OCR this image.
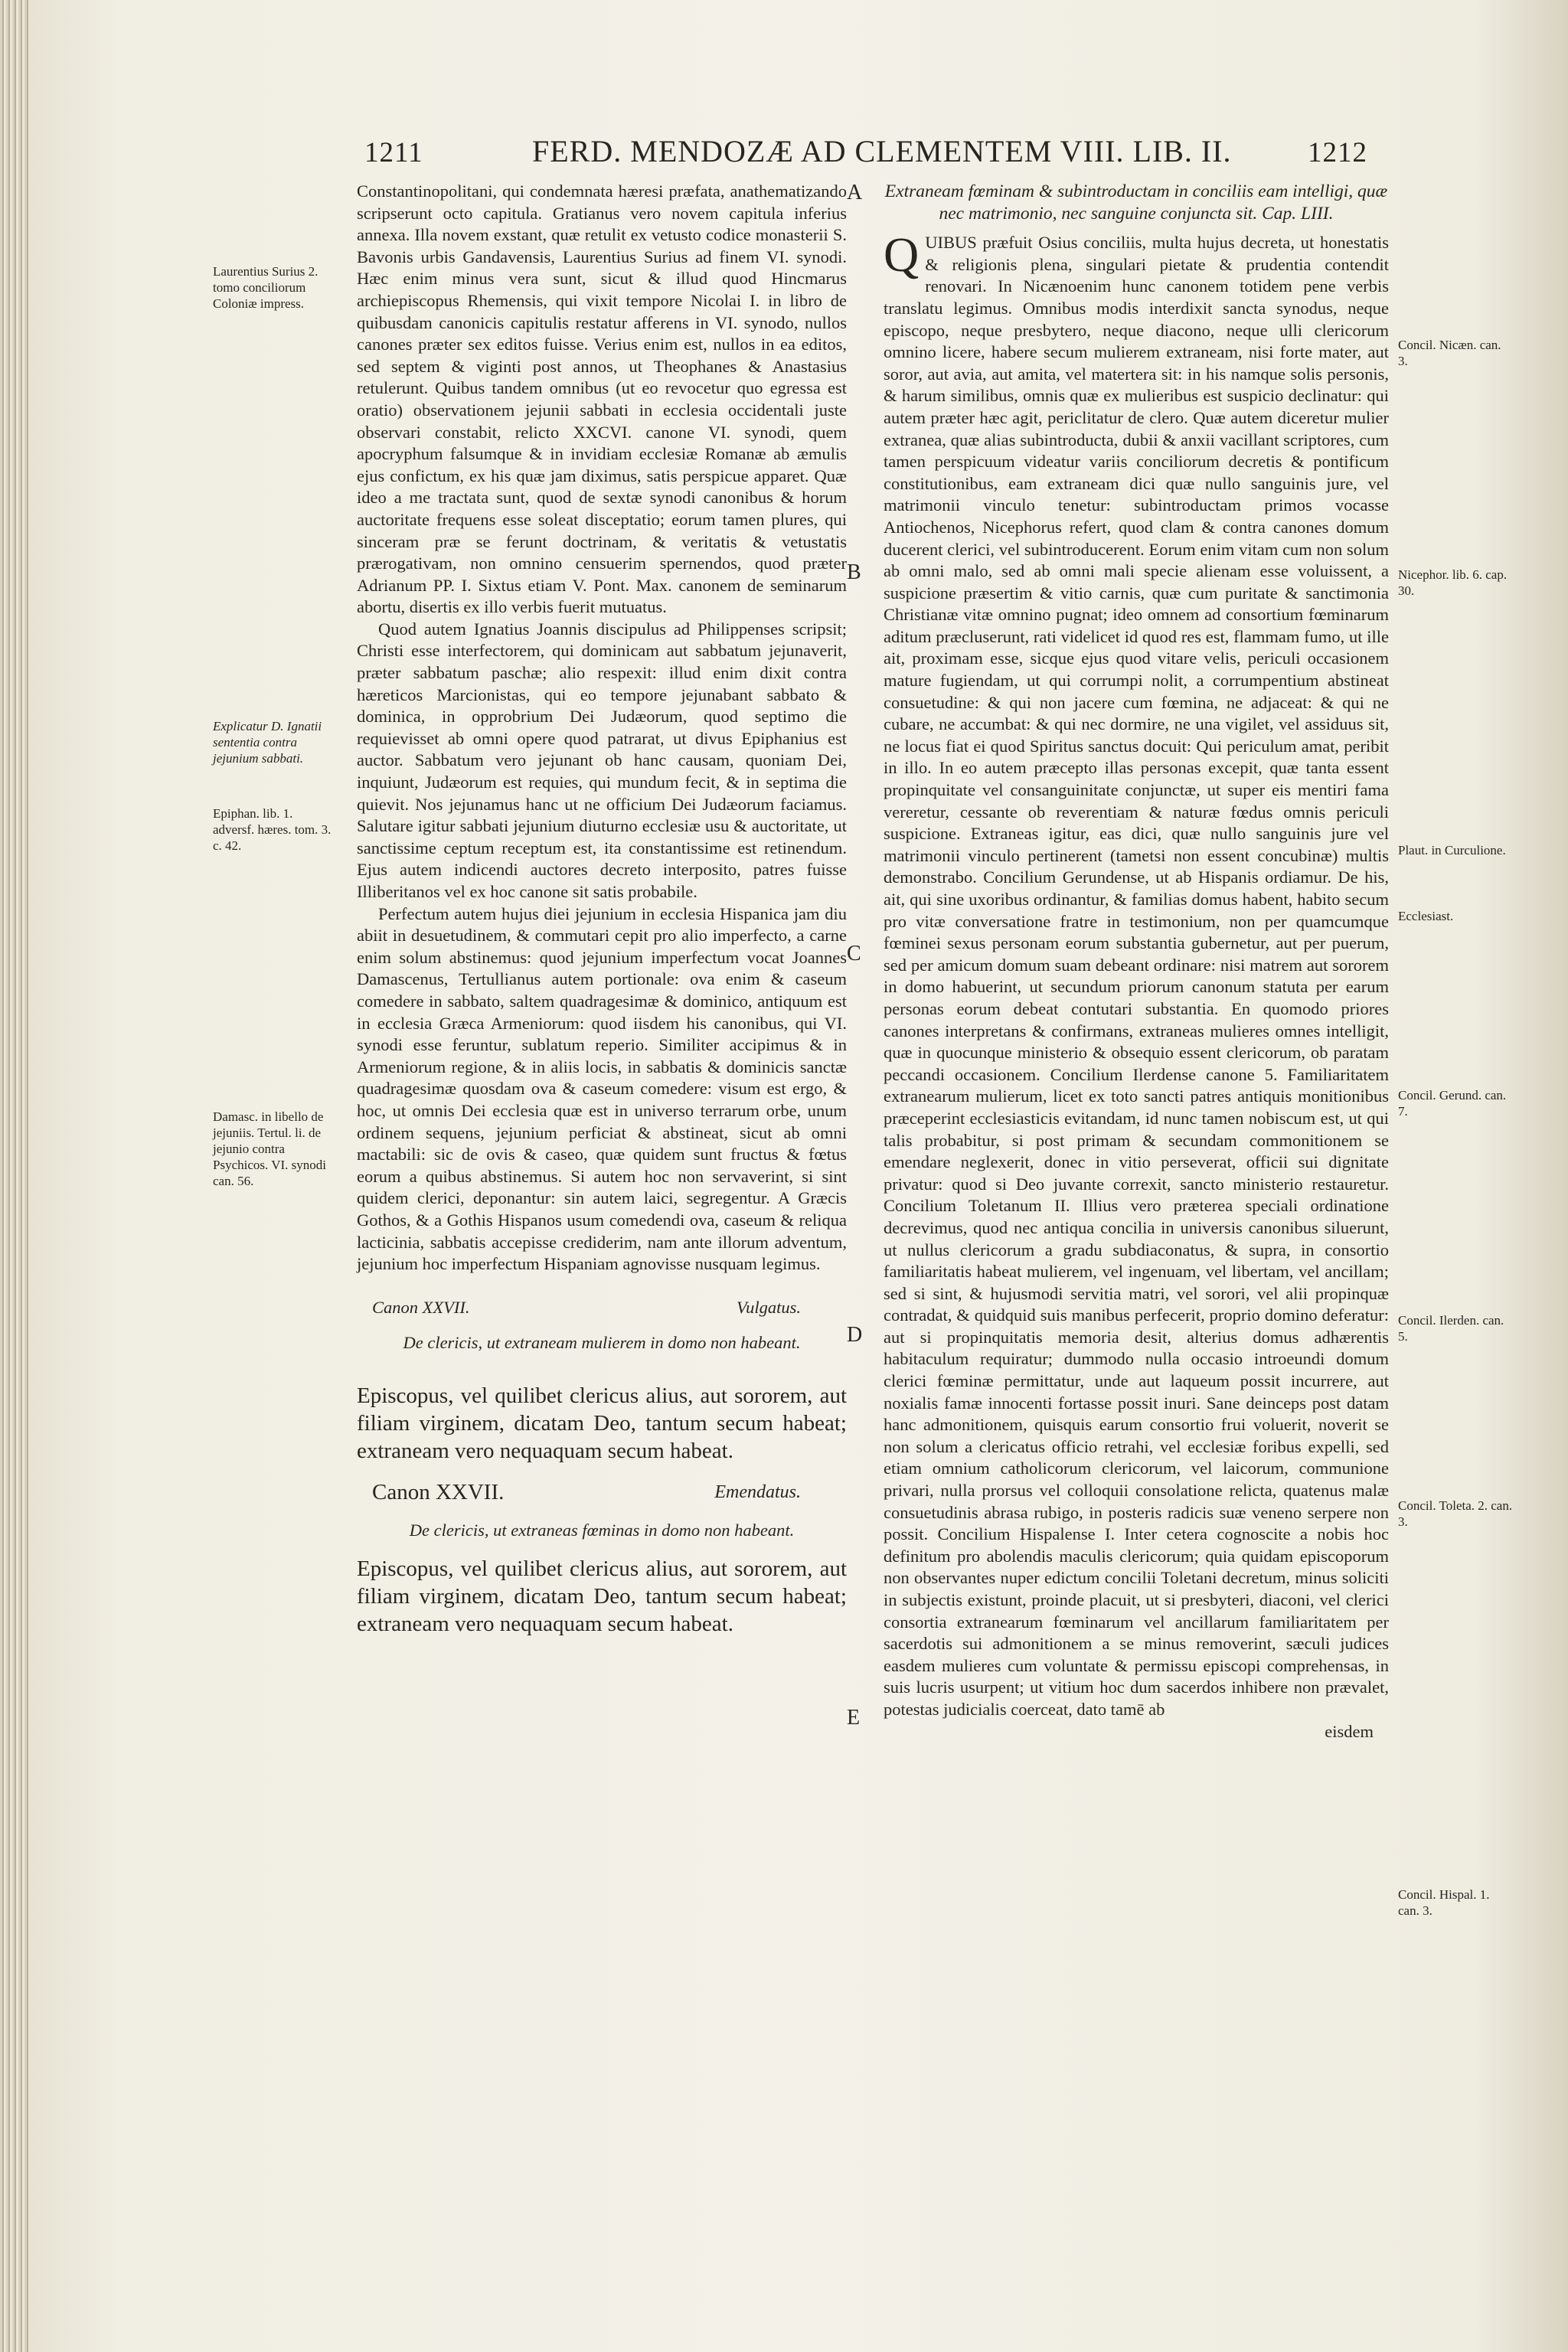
1211	FERD. MENDOZÆ AD CLEMENTEM VIII. LIB. II.	1212
Laurentius Surius 2. tomo conciliorum Coloniæ impress.
Explicatur D. Ignatii sententia contra jejunium sabbati.
Epiphan. lib. 1. adversf. hæres. tom. 3. c. 42.
Damasc. in libello de jejuniis. Tertul. li. de jejunio contra Psychicos. VI. synodi can. 56.
A
B
C
D
E

Constantinopolitani, qui condemnata hæresi præfata, anathematizando scripserunt octo capitula. Gratianus vero novem capitula inferius annexa. Illa novem exstant, quæ retulit ex vetusto codice monasterii S. Bavonis urbis Gandavensis, Laurentius Surius ad finem VI. synodi. Hæc enim minus vera sunt, sicut & illud quod Hincmarus archiepiscopus Rhemensis, qui vixit tempore Nicolai I. in libro de quibusdam canonicis capitulis restatur afferens in VI. synodo, nullos canones præter sex editos fuisse. Verius enim est, nullos in ea editos, sed septem & viginti post annos, ut Theophanes & Anastasius retulerunt. Quibus tandem omnibus (ut eo revocetur quo egressa est oratio) observationem jejunii sabbati in ecclesia occidentali juste observari constabit, relicto XXCVI. canone VI. synodi, quem apocryphum falsumque & in invidiam ecclesiæ Romanæ ab æmulis ejus confictum, ex his quæ jam diximus, satis perspicue apparet. Quæ ideo a me tractata sunt, quod de sextæ synodi canonibus & horum auctoritate frequens esse soleat disceptatio; eorum tamen plures, qui sinceram præ se ferunt doctrinam, & veritatis & vetustatis prærogativam, non omnino censuerim spernendos, quod præter Adrianum PP. I. Sixtus etiam V. Pont. Max. canonem de seminarum abortu, disertis ex illo verbis fuerit mutuatus.

Quod autem Ignatius Joannis discipulus ad Philippenses scripsit; Christi esse interfectorem, qui dominicam aut sabbatum jejunaverit, præter sabbatum paschæ; alio respexit: illud enim dixit contra hæreticos Marcionistas, qui eo tempore jejunabant sabbato & dominica, in opprobrium Dei Judæorum, quod septimo die requievisset ab omni opere quod patrarat, ut divus Epiphanius est auctor. Sabbatum vero jejunant ob hanc causam, quoniam Dei, inquiunt, Judæorum est requies, qui mundum fecit, & in septima die quievit. Nos jejunamus hanc ut ne officium Dei Judæorum faciamus. Salutare igitur sabbati jejunium diuturno ecclesiæ usu & auctoritate, ut sanctissime ceptum receptum est, ita constantissime est retinendum. Ejus autem indicendi auctores decreto interposito, patres fuisse Illiberitanos vel ex hoc canone sit satis probabile.

Perfectum autem hujus diei jejunium in ecclesia Hispanica jam diu abiit in desuetudinem, & commutari cepit pro alio imperfecto, a carne enim solum abstinemus: quod jejunium imperfectum vocat Joannes Damascenus, Tertullianus autem portionale: ova enim & caseum comedere in sabbato, saltem quadragesimæ & dominico, antiquum est in ecclesia Græca Armeniorum: quod iisdem his canonibus, qui VI. synodi esse feruntur, sublatum reperio. Similiter accipimus & in Armeniorum regione, & in aliis locis, in sabbatis & dominicis sanctæ quadragesimæ quosdam ova & caseum comedere: visum est ergo, & hoc, ut omnis Dei ecclesia quæ est in universo terrarum orbe, unum ordinem sequens, jejunium perficiat & abstineat, sicut ab omni mactabili: sic de ovis & caseo, quæ quidem sunt fructus & fœtus eorum a quibus abstinemus. Si autem hoc non servaverint, si sint quidem clerici, deponantur: sin autem laici, segregentur. A Græcis Gothos, & a Gothis Hispanos usum comedendi ova, caseum & reliqua lacticinia, sabbatis accepisse crediderim, nam ante illorum adventum, jejunium hoc imperfectum Hispaniam agnovisse nusquam legimus.

Canon XXVII.	Vulgatus.

De clericis, ut extraneam mulierem in domo non habeant.

Episcopus, vel quilibet clericus alius, aut sororem, aut filiam virginem, dicatam Deo, tantum secum habeat; extraneam vero nequaquam secum habeat.

Canon XXVII.	Emendatus.

De clericis, ut extraneas fœminas in domo non habeant.

Episcopus, vel quilibet clericus alius, aut sororem, aut filiam virginem, dicatam Deo, tantum secum habeat; extraneam vero nequaquam secum habeat.

Extraneam fœminam & subintroductam in conciliis eam intelligi, quæ nec matrimonio, nec sanguine conjuncta sit. Cap. LIII.

QUIBUS præfuit Osius conciliis, multa hujus decreta, ut honestatis & religionis plena, singulari pietate & prudentia contendit renovari. In Nicænoenim hunc canonem totidem pene verbis translatu legimus. Omnibus modis interdixit sancta synodus, neque episcopo, neque presbytero, neque diacono, neque ulli clericorum omnino licere, habere secum mulierem extraneam, nisi forte mater, aut soror, aut avia, aut amita, vel matertera sit: in his namque solis personis, & harum similibus, omnis quæ ex mulieribus est suspicio declinatur: qui autem præter hæc agit, periclitatur de clero. Quæ autem diceretur mulier extranea, quæ alias subintroducta, dubii & anxii vacillant scriptores, cum tamen perspicuum videatur variis conciliorum decretis & pontificum constitutionibus, eam extraneam dici quæ nullo sanguinis jure, vel matrimonii vinculo tenetur: subintroductam primos vocasse Antiochenos, Nicephorus refert, quod clam & contra canones domum ducerent clerici, vel subintroducerent. Eorum enim vitam cum non solum ab omni malo, sed ab omni mali specie alienam esse voluissent, a suspicione præsertim & vitio carnis, quæ cum puritate & sanctimonia Christianæ vitæ omnino pugnat; ideo omnem ad consortium fœminarum aditum præcluserunt, rati videlicet id quod res est, flammam fumo, ut ille ait, proximam esse, sicque ejus quod vitare velis, periculi occasionem mature fugiendam, ut qui corrumpi nolit, a corrumpentium abstineat consuetudine: & qui non jacere cum fœmina, ne adjaceat: & qui ne cubare, ne accumbat: & qui nec dormire, ne una vigilet, vel assiduus sit, ne locus fiat ei quod Spiritus sanctus docuit: Qui periculum amat, peribit in illo. In eo autem præcepto illas personas excepit, quæ tanta essent propinquitate vel consanguinitate conjunctæ, ut super eis mentiri fama vereretur, cessante ob reverentiam & naturæ fœdus omnis periculi suspicione. Extraneas igitur, eas dici, quæ nullo sanguinis jure vel matrimonii vinculo pertinerent (tametsi non essent concubinæ) multis demonstrabo. Concilium Gerundense, ut ab Hispanis ordiamur. De his, ait, qui sine uxoribus ordinantur, & familias domus habent, habito secum pro vitæ conversatione fratre in testimonium, non per quamcumque fœminei sexus personam eorum substantia gubernetur, aut per puerum, sed per amicum domum suam debeant ordinare: nisi matrem aut sororem in domo habuerint, ut secundum priorum canonum statuta per earum personas eorum debeat contutari substantia. En quomodo priores canones interpretans & confirmans, extraneas mulieres omnes intelligit, quæ in quocunque ministerio & obsequio essent clericorum, ob paratam peccandi occasionem. Concilium Ilerdense canone 5. Familiaritatem extranearum mulierum, licet ex toto sancti patres antiquis monitionibus præceperint ecclesiasticis evitandam, id nunc tamen nobiscum est, ut qui talis probabitur, si post primam & secundam commonitionem se emendare neglexerit, donec in vitio perseverat, officii sui dignitate privatur: quod si Deo juvante correxit, sancto ministerio restauretur. Concilium Toletanum II. Illius vero præterea speciali ordinatione decrevimus, quod nec antiqua concilia in universis canonibus siluerunt, ut nullus clericorum a gradu subdiaconatus, & supra, in consortio familiaritatis habeat mulierem, vel ingenuam, vel libertam, vel ancillam; sed si sint, & hujusmodi servitia matri, vel sorori, vel alii propinquæ contradat, & quidquid suis manibus perfecerit, proprio domino deferatur: aut si propinquitatis memoria desit, alterius domus adhærentis habitaculum requiratur; dummodo nulla occasio introeundi domum clerici fœminæ permittatur, unde aut laqueum possit incurrere, aut noxialis famæ innocenti fortasse possit inuri. Sane deinceps post datam hanc admonitionem, quisquis earum consortio frui voluerit, noverit se non solum a clericatus officio retrahi, vel ecclesiæ foribus expelli, sed etiam omnium catholicorum clericorum, vel laicorum, communione privari, nulla prorsus vel colloquii consolatione relicta, quatenus malæ consuetudinis abrasa rubigo, in posteris radicis suæ veneno serpere non possit. Concilium Hispalense I. Inter cetera cognoscite a nobis hoc definitum pro abolendis maculis clericorum; quia quidam episcoporum non observantes nuper edictum concilii Toletani decretum, minus soliciti in subjectis existunt, proinde placuit, ut si presbyteri, diaconi, vel clerici consortia extranearum fœminarum vel ancillarum familiaritatem per sacerdotis sui admonitionem a se minus removerint, sæculi judices easdem mulieres cum voluntate & permissu episcopi comprehensas, in suis lucris usurpent; ut vitium hoc dum sacerdos inhibere non prævalet, potestas judicialis coerceat, dato tamē ab

eisdem

Concil. Nicæn. can. 3.
Nicephor. lib. 6. cap. 30.
Plaut. in Curculione.
Ecclesiast.
Concil. Gerund. can. 7.
Concil. Ilerden. can. 5.
Concil. Toleta. 2. can. 3.
Concil. Hispal. 1. can. 3.
